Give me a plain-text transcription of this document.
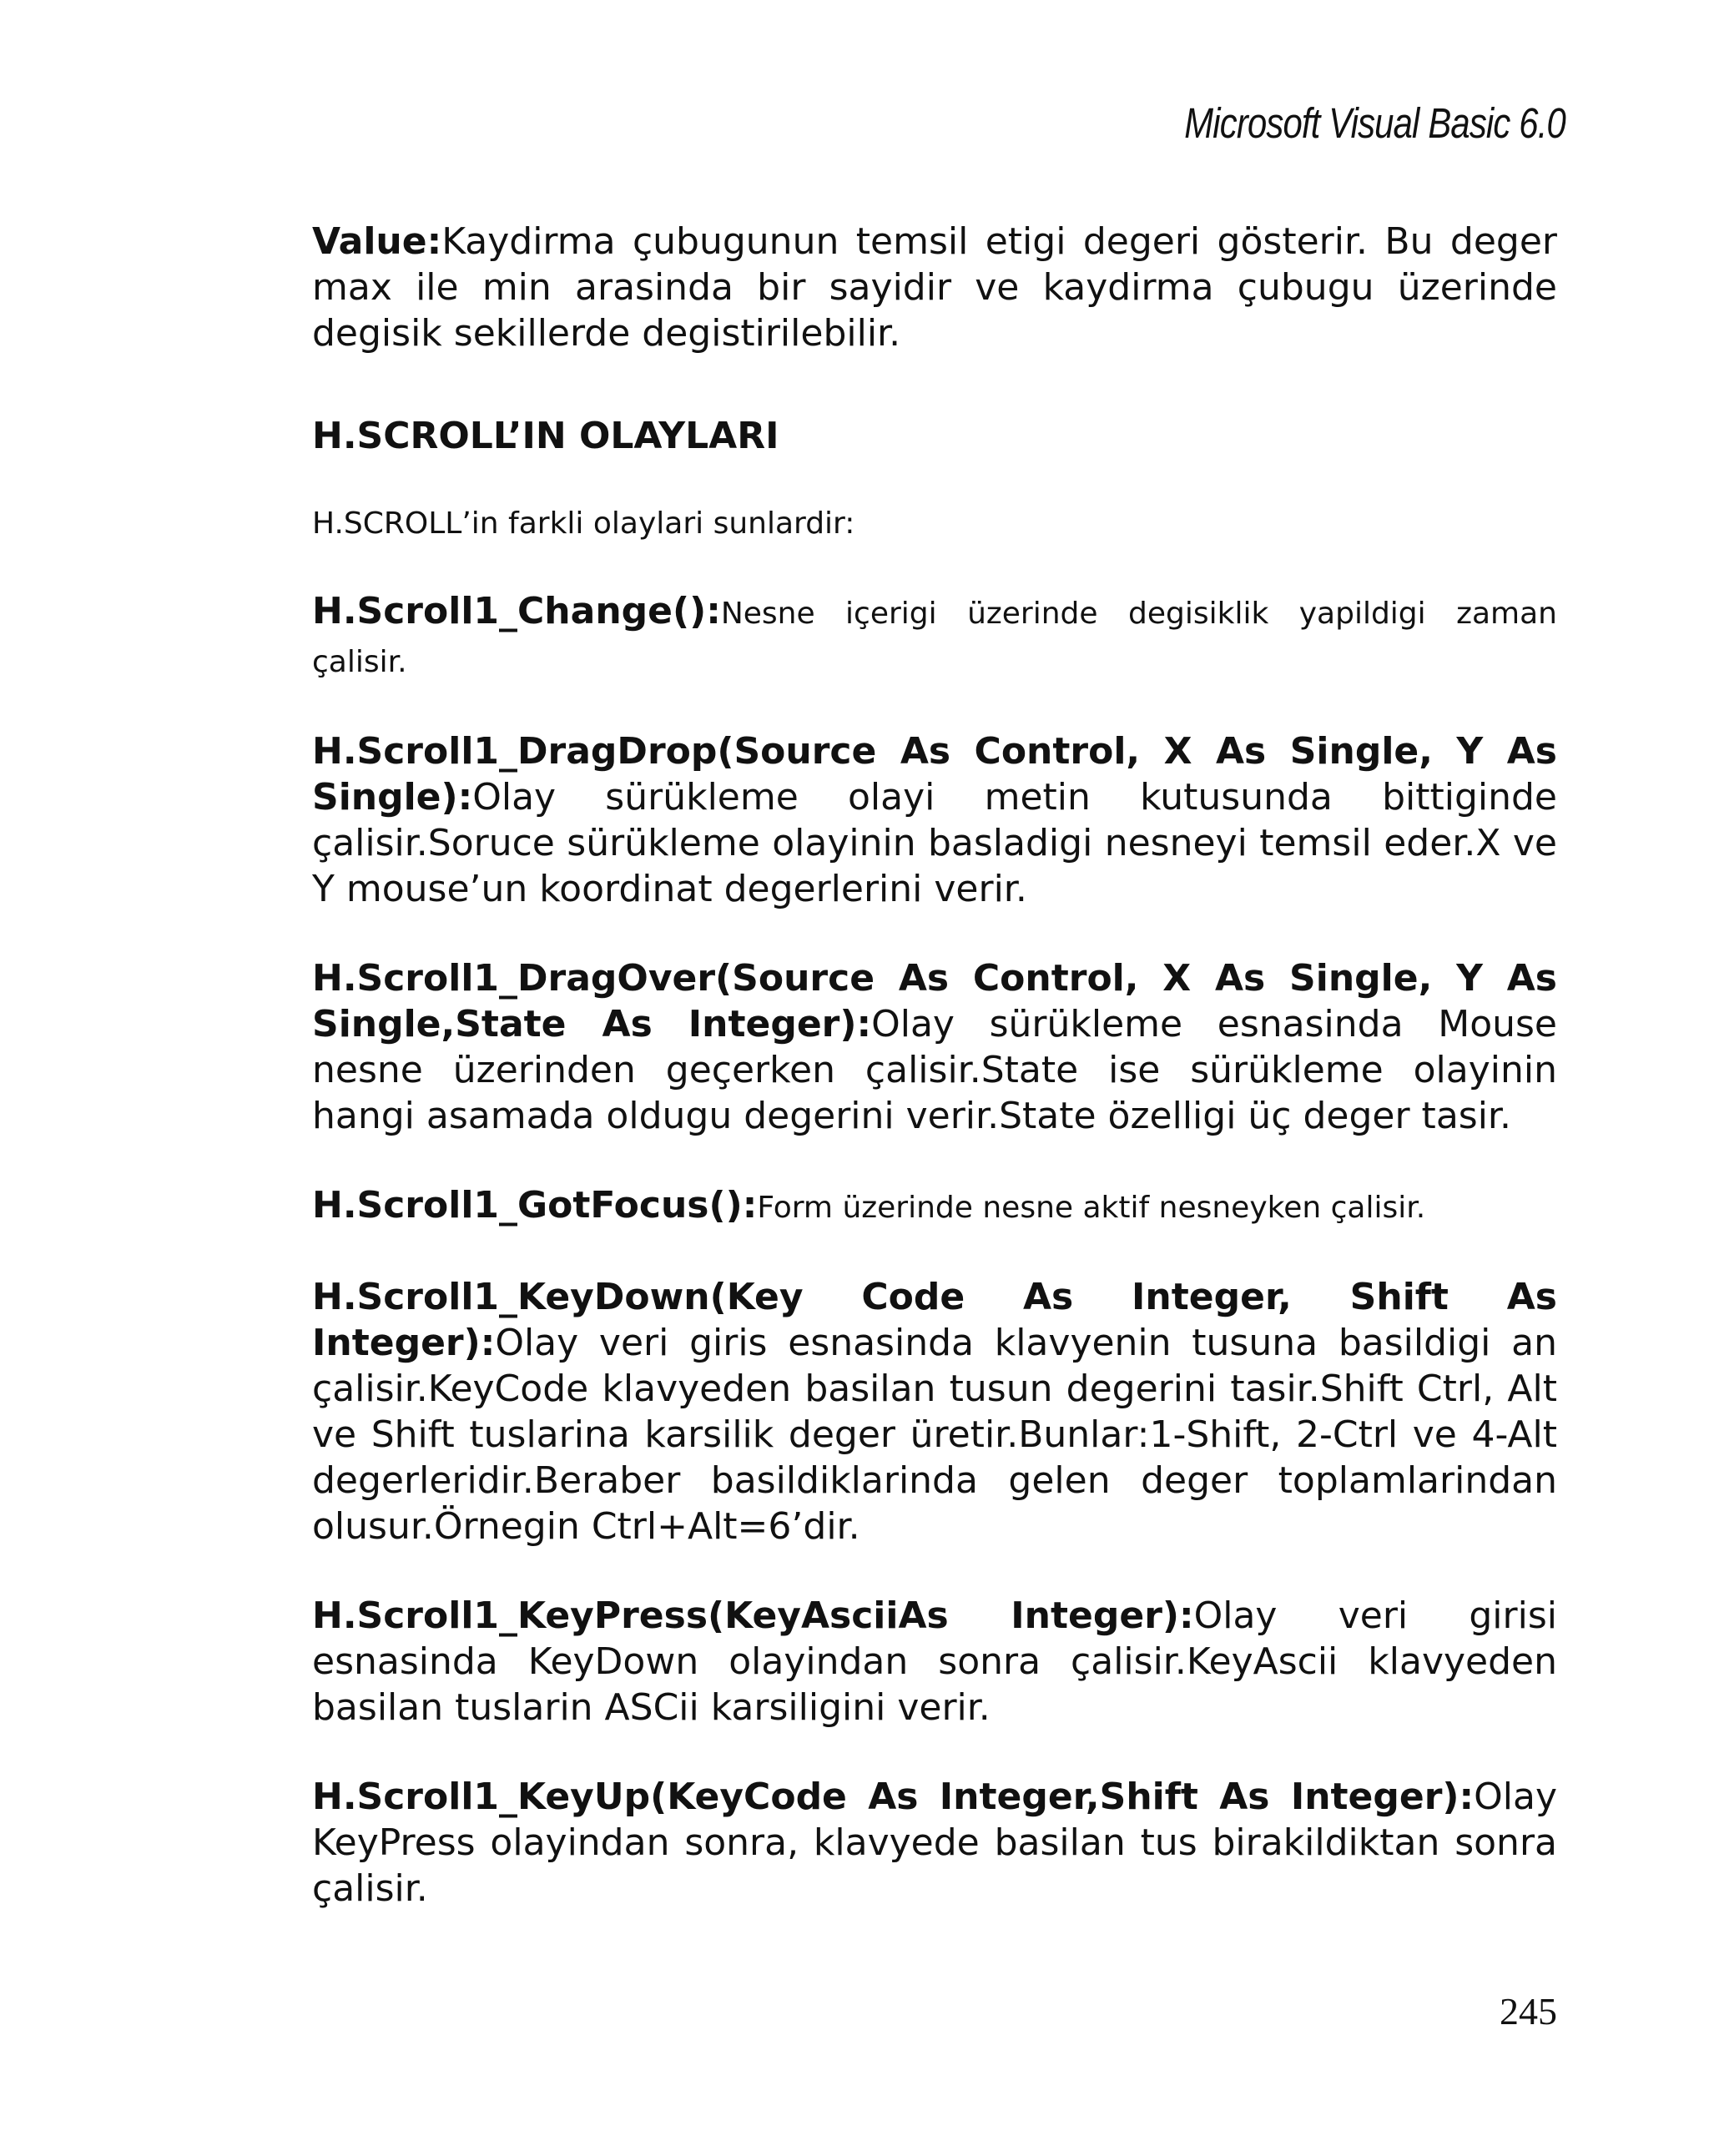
Microsoft Visual Basic 6.0

Value:Kaydirma çubugunun temsil etigi degeri gösterir. Bu deger max ile min arasinda bir sayidir ve kaydirma çubugu üzerinde degisik sekillerde degistirilebilir.

H.SCROLL’IN OLAYLARI

H.SCROLL’in farkli olaylari sunlardir:

H.Scroll1_Change():Nesne içerigi üzerinde degisiklik yapildigi zaman çalisir.

H.Scroll1_DragDrop(Source As Control, X As Single, Y As Single):Olay sürükleme olayi metin kutusunda bittiginde çalisir.Soruce sürükleme olayinin basladigi nesneyi temsil eder.X ve Y mouse’un koordinat degerlerini verir.

H.Scroll1_DragOver(Source As Control, X As Single, Y As Single,State As Integer):Olay sürükleme esnasinda Mouse nesne üzerinden geçerken çalisir.State ise sürükleme olayinin hangi asamada oldugu degerini verir.State özelligi üç deger tasir.

H.Scroll1_GotFocus():Form üzerinde nesne aktif nesneyken çalisir.

H.Scroll1_KeyDown(Key Code As Integer, Shift As Integer):Olay veri giris esnasinda klavyenin tusuna basildigi an çalisir.KeyCode klavyeden basilan tusun degerini tasir.Shift Ctrl, Alt ve Shift tuslarina karsilik deger üretir.Bunlar:1-Shift, 2-Ctrl ve 4-Alt degerleridir.Beraber basildiklarinda gelen deger toplamlarindan olusur.Örnegin Ctrl+Alt=6’dir.

H.Scroll1_KeyPress(KeyAsciiAs Integer):Olay veri girisi esnasinda KeyDown olayindan sonra çalisir.KeyAscii klavyeden basilan tuslarin ASCii karsiligini verir.

H.Scroll1_KeyUp(KeyCode As Integer,Shift As Integer):Olay KeyPress olayindan sonra, klavyede basilan tus birakildiktan sonra çalisir.

245
